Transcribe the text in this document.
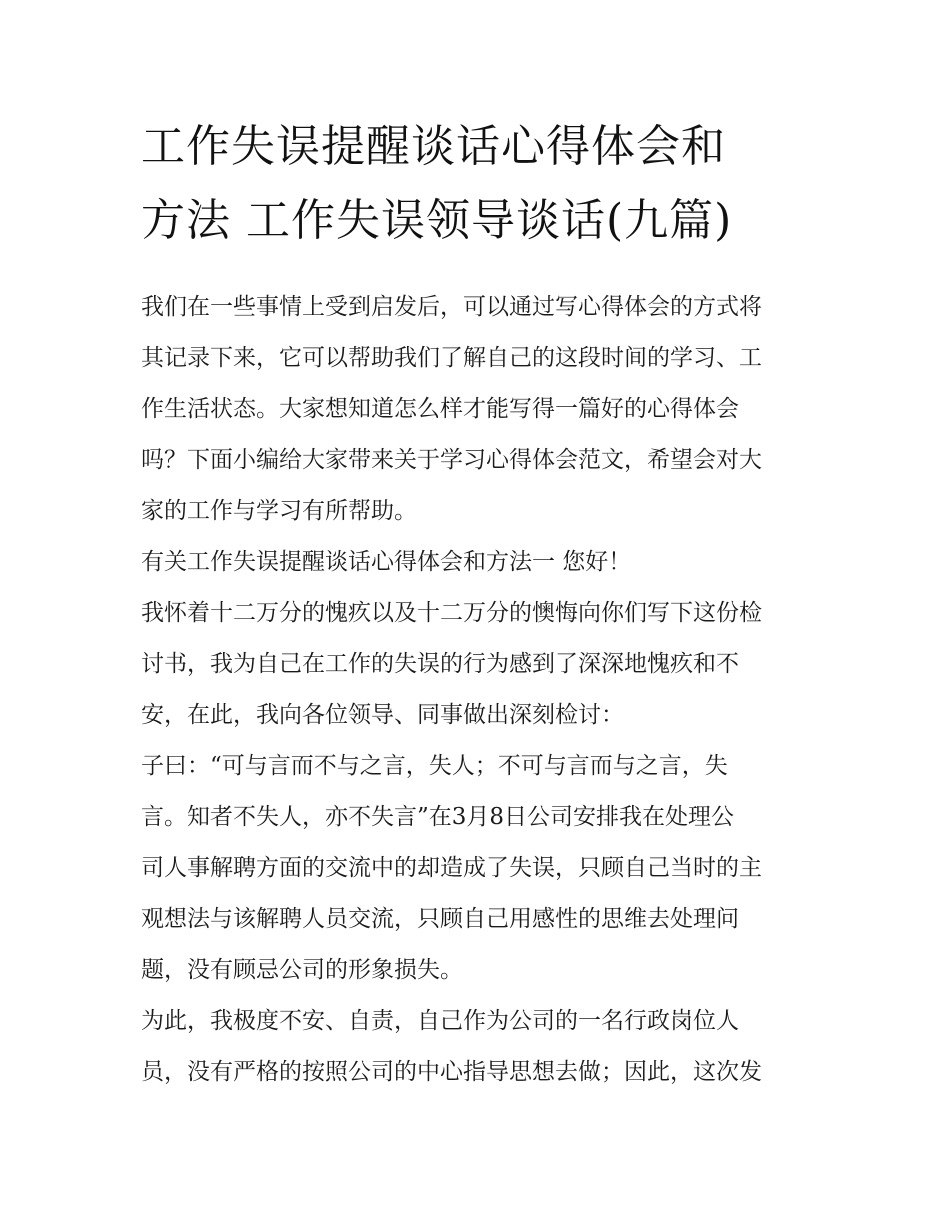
工作失误提醒谈话心得体会和
方法 工作失误领导谈话(九篇)

我们在一些事情上受到启发后，可以通过写心得体会的方式将
其记录下来，它可以帮助我们了解自己的这段时间的学习、工
作生活状态。大家想知道怎么样才能写得一篇好的心得体会
吗？下面小编给大家带来关于学习心得体会范文，希望会对大
家的工作与学习有所帮助。

有关工作失误提醒谈话心得体会和方法一 您好！

我怀着十二万分的愧疚以及十二万分的懊悔向你们写下这份检
讨书，我为自己在工作的失误的行为感到了深深地愧疚和不
安，在此，我向各位领导、同事做出深刻检讨：

子曰：“可与言而不与之言，失人；不可与言而与之言，失
言。知者不失人，亦不失言”在3月8日公司安排我在处理公
司人事解聘方面的交流中的却造成了失误，只顾自己当时的主
观想法与该解聘人员交流，只顾自己用感性的思维去处理问
题，没有顾忌公司的形象损失。

为此，我极度不安、自责，自己作为公司的一名行政岗位人
员，没有严格的按照公司的中心指导思想去做；因此，这次发
